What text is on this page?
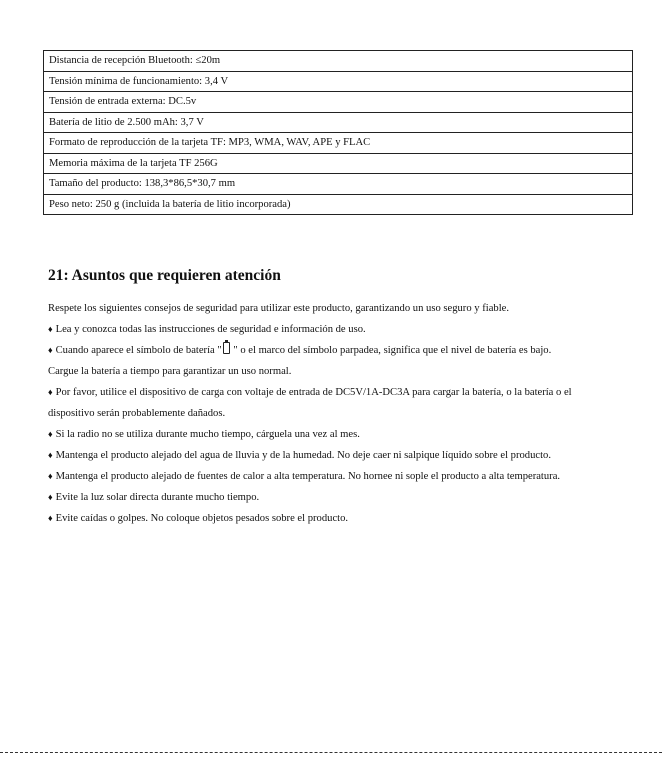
Distancia de recepción Bluetooth: ≤20m
Tensión mínima de funcionamiento: 3,4 V
Tensión de entrada externa: DC.5v
Batería de litio de 2.500 mAh: 3,7 V
Formato de reproducción de la tarjeta TF: MP3, WMA, WAV, APE y FLAC
Memoria máxima de la tarjeta TF 256G
Tamaño del producto: 138,3*86,5*30,7 mm
Peso neto: 250 g (incluida la batería de litio incorporada)
21: Asuntos que requieren atención
Respete los siguientes consejos de seguridad para utilizar este producto, garantizando un uso seguro y fiable.
♦ Lea y conozca todas las instrucciones de seguridad e información de uso.
♦ Cuando aparece el símbolo de batería " " o el marco del símbolo parpadea, significa que el nivel de batería es bajo.
Cargue la batería a tiempo para garantizar un uso normal.
♦ Por favor, utilice el dispositivo de carga con voltaje de entrada de DC5V/1A-DC3A para cargar la batería, o la batería o el
dispositivo serán probablemente dañados.
♦ Si la radio no se utiliza durante mucho tiempo, cárguela una vez al mes.
♦ Mantenga el producto alejado del agua de lluvia y de la humedad. No deje caer ni salpique líquido sobre el producto.
♦ Mantenga el producto alejado de fuentes de calor a alta temperatura. No hornee ni sople el producto a alta temperatura.
♦ Evite la luz solar directa durante mucho tiempo.
♦ Evite caídas o golpes. No coloque objetos pesados sobre el producto.
